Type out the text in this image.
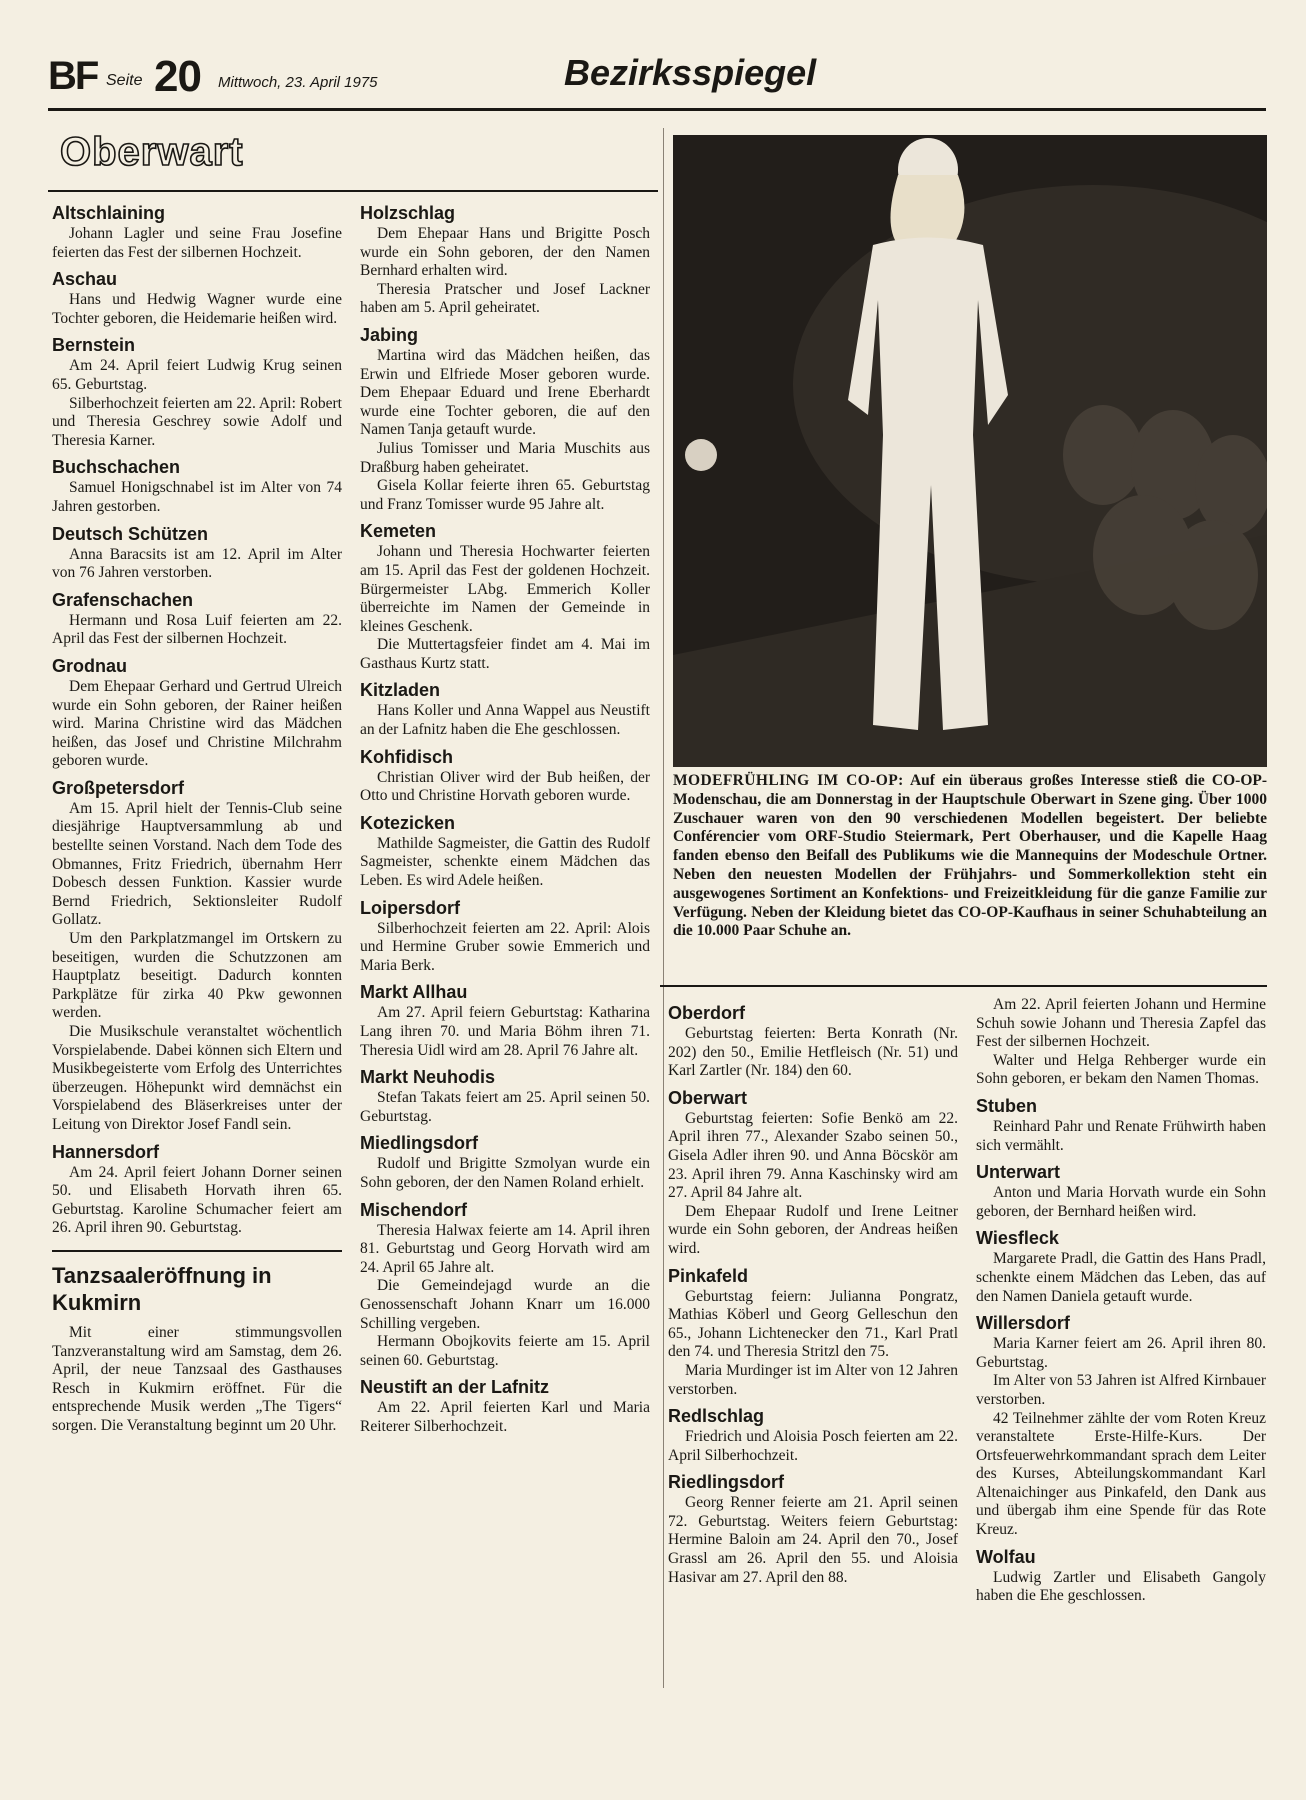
BF Seite 20 Mittwoch, 23. April 1975	Bezirksspiegel
Oberwart
Altschlaining

Johann Lagler und seine Frau Josefine feierten das Fest der silbernen Hochzeit.

Aschau

Hans und Hedwig Wagner wurde eine Tochter geboren, die Heidemarie heißen wird.

Bernstein

Am 24. April feiert Ludwig Krug seinen 65. Geburtstag.

Silberhochzeit feierten am 22. April: Robert und Theresia Geschrey sowie Adolf und Theresia Karner.

Buchschachen

Samuel Honigschnabel ist im Alter von 74 Jahren gestorben.

Deutsch Schützen

Anna Baracsits ist am 12. April im Alter von 76 Jahren verstorben.

Grafenschachen

Hermann und Rosa Luif feierten am 22. April das Fest der silbernen Hochzeit.

Grodnau

Dem Ehepaar Gerhard und Gertrud Ulreich wurde ein Sohn geboren, der Rainer heißen wird. Marina Christine wird das Mädchen heißen, das Josef und Christine Milchrahm geboren wurde.

Großpetersdorf

Am 15. April hielt der Tennis-Club seine diesjährige Hauptversammlung ab und bestellte seinen Vorstand. Nach dem Tode des Obmannes, Fritz Friedrich, übernahm Herr Dobesch dessen Funktion. Kassier wurde Bernd Friedrich, Sektionsleiter Rudolf Gollatz.

Um den Parkplatzmangel im Ortskern zu beseitigen, wurden die Schutzzonen am Hauptplatz beseitigt. Dadurch konnten Parkplätze für zirka 40 Pkw gewonnen werden.

Die Musikschule veranstaltet wöchentlich Vorspielabende. Dabei können sich Eltern und Musikbegeisterte vom Erfolg des Unterrichtes überzeugen. Höhepunkt wird demnächst ein Vorspielabend des Bläserkreises unter der Leitung von Direktor Josef Fandl sein.

Hannersdorf

Am 24. April feiert Johann Dorner seinen 50. und Elisabeth Horvath ihren 65. Geburtstag. Karoline Schumacher feiert am 26. April ihren 90. Geburtstag.

Tanzsaaleröffnung in Kukmirn

Mit einer stimmungsvollen Tanzveranstaltung wird am Samstag, dem 26. April, der neue Tanzsaal des Gasthauses Resch in Kukmirn eröffnet. Für die entsprechende Musik werden „The Tigers“ sorgen. Die Veranstaltung beginnt um 20 Uhr.

Holzschlag

Dem Ehepaar Hans und Brigitte Posch wurde ein Sohn geboren, der den Namen Bernhard erhalten wird.

Theresia Pratscher und Josef Lackner haben am 5. April geheiratet.

Jabing

Martina wird das Mädchen heißen, das Erwin und Elfriede Moser geboren wurde. Dem Ehepaar Eduard und Irene Eberhardt wurde eine Tochter geboren, die auf den Namen Tanja getauft wurde.

Julius Tomisser und Maria Muschits aus Draßburg haben geheiratet.

Gisela Kollar feierte ihren 65. Geburtstag und Franz Tomisser wurde 95 Jahre alt.

Kemeten

Johann und Theresia Hochwarter feierten am 15. April das Fest der goldenen Hochzeit. Bürgermeister LAbg. Emmerich Koller überreichte im Namen der Gemeinde in kleines Geschenk.

Die Muttertagsfeier findet am 4. Mai im Gasthaus Kurtz statt.

Kitzladen

Hans Koller und Anna Wappel aus Neustift an der Lafnitz haben die Ehe geschlossen.

Kohfidisch

Christian Oliver wird der Bub heißen, der Otto und Christine Horvath geboren wurde.

Kotezicken

Mathilde Sagmeister, die Gattin des Rudolf Sagmeister, schenkte einem Mädchen das Leben. Es wird Adele heißen.

Loipersdorf

Silberhochzeit feierten am 22. April: Alois und Hermine Gruber sowie Emmerich und Maria Berk.

Markt Allhau

Am 27. April feiern Geburtstag: Katharina Lang ihren 70. und Maria Böhm ihren 71. Theresia Uidl wird am 28. April 76 Jahre alt.

Markt Neuhodis

Stefan Takats feiert am 25. April seinen 50. Geburtstag.

Miedlingsdorf

Rudolf und Brigitte Szmolyan wurde ein Sohn geboren, der den Namen Roland erhielt.

Mischendorf

Theresia Halwax feierte am 14. April ihren 81. Geburtstag und Georg Horvath wird am 24. April 65 Jahre alt.

Die Gemeindejagd wurde an die Genossenschaft Johann Knarr um 16.000 Schilling vergeben.

Hermann Obojkovits feierte am 15. April seinen 60. Geburtstag.

Neustift an der Lafnitz

Am 22. April feierten Karl und Maria Reiterer Silberhochzeit.

MODEFRÜHLING IM CO-OP: Auf ein überaus großes Interesse stieß die CO-OP-Modenschau, die am Donnerstag in der Hauptschule Oberwart in Szene ging. Über 1000 Zuschauer waren von den 90 verschiedenen Modellen begeistert. Der beliebte Conférencier vom ORF-Studio Steiermark, Pert Oberhauser, und die Kapelle Haag fanden ebenso den Beifall des Publikums wie die Mannequins der Modeschule Ortner. Neben den neuesten Modellen der Frühjahrs- und Sommerkollektion steht ein ausgewogenes Sortiment an Konfektions- und Freizeitkleidung für die ganze Familie zur Verfügung. Neben der Kleidung bietet das CO-OP-Kaufhaus in seiner Schuhabteilung an die 10.000 Paar Schuhe an.
Oberdorf

Geburtstag feierten: Berta Konrath (Nr. 202) den 50., Emilie Hetfleisch (Nr. 51) und Karl Zartler (Nr. 184) den 60.

Oberwart

Geburtstag feierten: Sofie Benkö am 22. April ihren 77., Alexander Szabo seinen 50., Gisela Adler ihren 90. und Anna Böcskör am 23. April ihren 79. Anna Kaschinsky wird am 27. April 84 Jahre alt.

Dem Ehepaar Rudolf und Irene Leitner wurde ein Sohn geboren, der Andreas heißen wird.

Pinkafeld

Geburtstag feiern: Julianna Pongratz, Mathias Köberl und Georg Gelleschun den 65., Johann Lichtenecker den 71., Karl Pratl den 74. und Theresia Stritzl den 75.

Maria Murdinger ist im Alter von 12 Jahren verstorben.

Redlschlag

Friedrich und Aloisia Posch feierten am 22. April Silberhochzeit.

Riedlingsdorf

Georg Renner feierte am 21. April seinen 72. Geburtstag. Weiters feiern Geburtstag: Hermine Baloin am 24. April den 70., Josef Grassl am 26. April den 55. und Aloisia Hasivar am 27. April den 88.

Am 22. April feierten Johann und Hermine Schuh sowie Johann und Theresia Zapfel das Fest der silbernen Hochzeit.

Walter und Helga Rehberger wurde ein Sohn geboren, er bekam den Namen Thomas.

Stuben

Reinhard Pahr und Renate Frühwirth haben sich vermählt.

Unterwart

Anton und Maria Horvath wurde ein Sohn geboren, der Bernhard heißen wird.

Wiesfleck

Margarete Pradl, die Gattin des Hans Pradl, schenkte einem Mädchen das Leben, das auf den Namen Daniela getauft wurde.

Willersdorf

Maria Karner feiert am 26. April ihren 80. Geburtstag.

Im Alter von 53 Jahren ist Alfred Kirnbauer verstorben.

42 Teilnehmer zählte der vom Roten Kreuz veranstaltete Erste-Hilfe-Kurs. Der Ortsfeuerwehrkommandant sprach dem Leiter des Kurses, Abteilungskommandant Karl Altenaichinger aus Pinkafeld, den Dank aus und übergab ihm eine Spende für das Rote Kreuz.

Wolfau

Ludwig Zartler und Elisabeth Gangoly haben die Ehe geschlossen.
